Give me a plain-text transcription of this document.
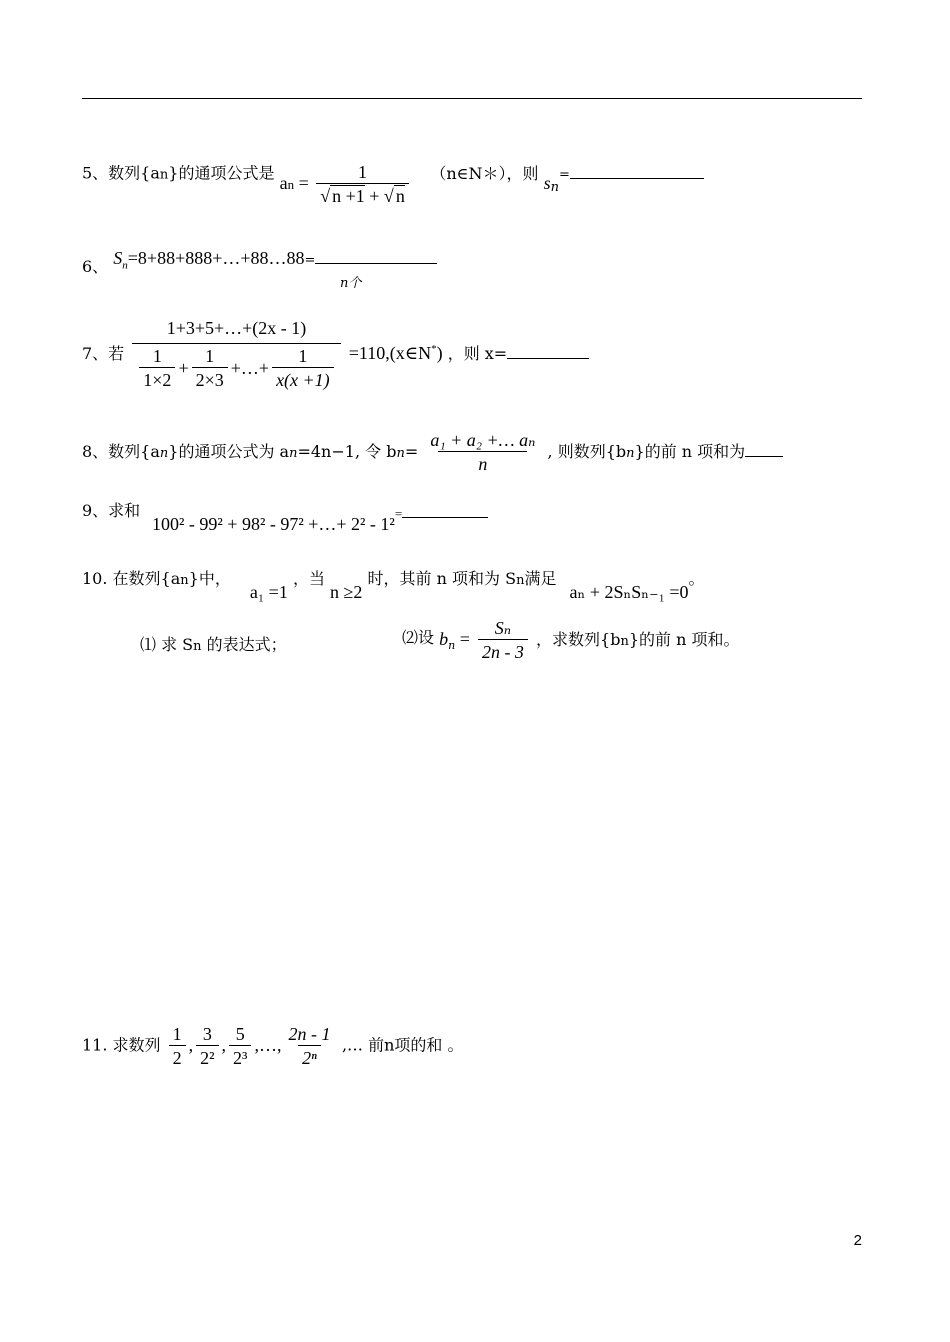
5、数列{an}的通项公式是 an = $\frac{1}{√ n +1 + √ n}$ （n∈N＊），则 $s_n=$
6、 $S_n=8+88+888+\dots+88\dots 88=$
n个
7、若 $\frac{1+3+5+\dots+(2x - 1)}{\frac{1}{1\times 2} + \frac{1}{2\times 3} +\dots+ \frac{1}{x(x +1)}}$ =110,(x∈N*) ，则 x=
8、数列{an}的通项公式为 an=4n−1, 令 $bn= \frac{\text{a₁ + a₂ +… aₙ}}{n}$ , 则数列{bn}的前 n 项和为
9、求和
100² - 99² + 98² - 97² +…+ 2² - 1²=
10. 在数列{an}中， a₁ =1 ，当 n ≥2 时，其前 n 项和为 Sn满足 aₙ + 2SₙSₙ₋₁ =0。
⑴ 求 Sn 的表达式；	⑵设 $b_n = \frac{\text{Sₙ}}{2n - 3}$ ，求数列{bn}的前 n 项和。
11. 求数列 $\frac{1}{2}$ , $\frac{3}{\text{2²}}$ , $\frac{5}{\text{2³}}$ ,…, $\frac{2n - 1}{\text{2ⁿ}}$ ,… 前n项的和 。
2
